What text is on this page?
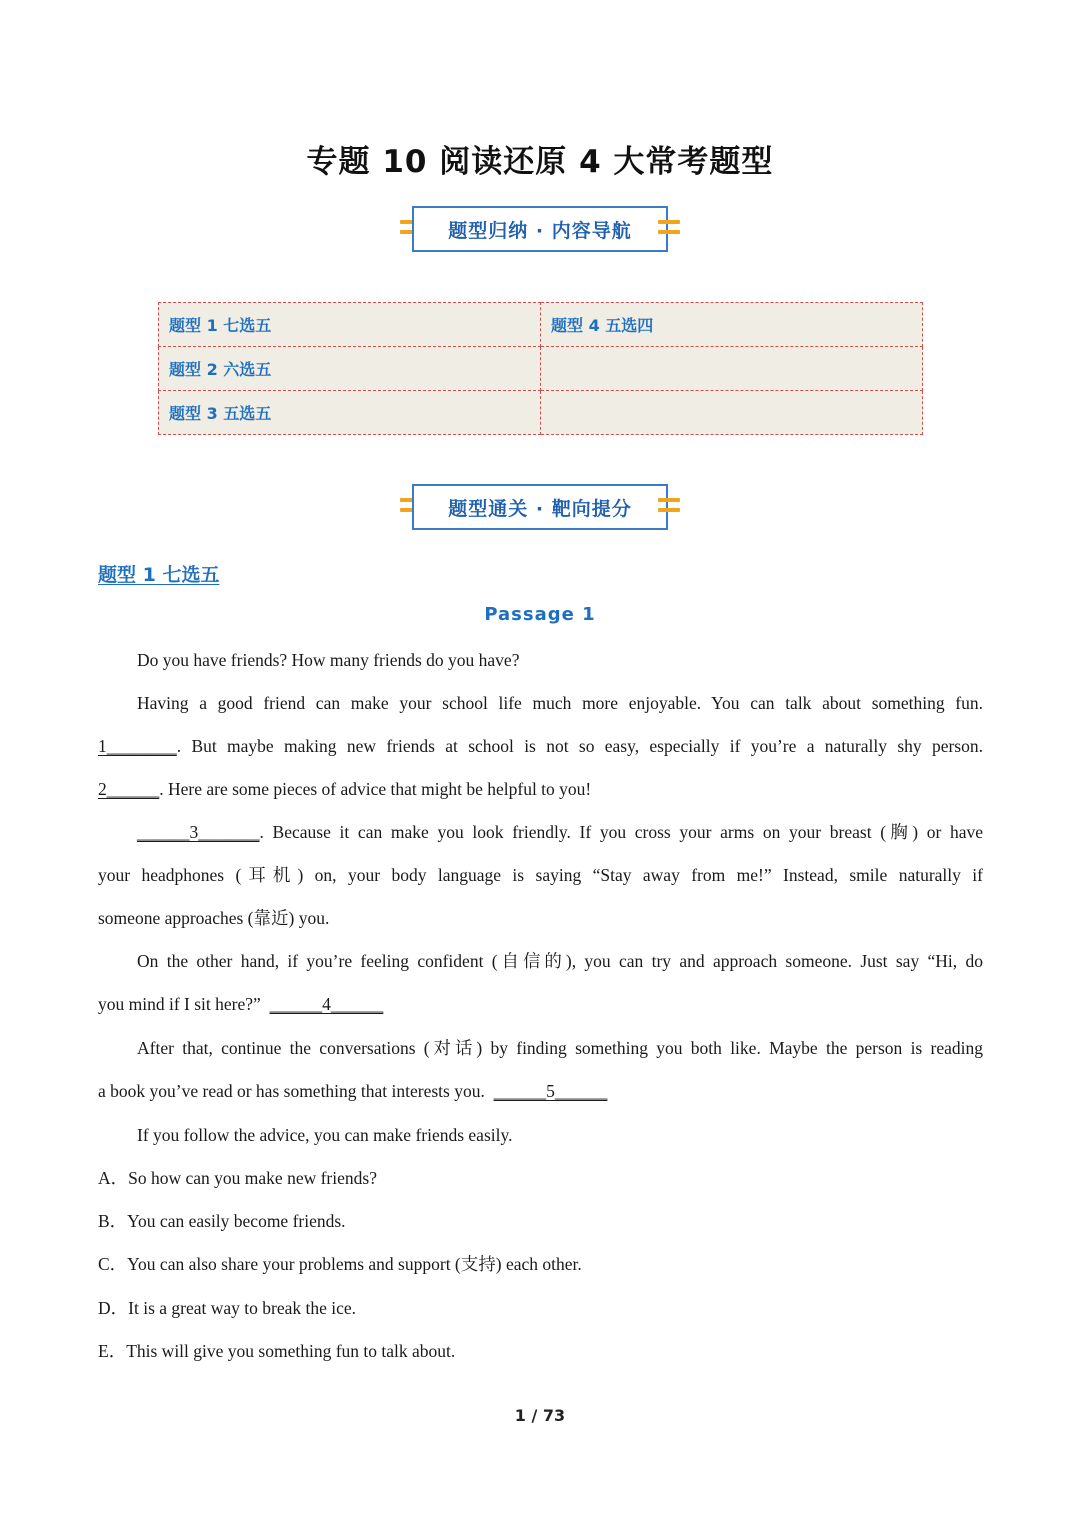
专题 10 阅读还原 4 大常考题型
题型归纳 · 内容导航
题型 1 七选五	题型 4 五选四
题型 2 六选五	
题型 3 五选五	
题型通关 · 靶向提分
题型 1 七选五
Passage 1
Do you have friends? How many friends do you have?
Having a good friend can make your school life much more enjoyable. You can talk about something fun.
1________. But maybe making new friends at school is not so easy, especially if you’re a naturally shy person.
2______. Here are some pieces of advice that might be helpful to you!
______3_______. Because it can make you look friendly. If you cross your arms on your breast (胸) or have
your headphones (耳机) on, your body language is saying “Stay away from me!” Instead, smile naturally if
someone approaches (靠近) you.
On the other hand, if you’re feeling confident (自信的), you can try and approach someone. Just say “Hi, do
you mind if I sit here?” ______4______
After that, continue the conversations (对话) by finding something you both like. Maybe the person is reading
a book you’ve read or has something that interests you. ______5______
If you follow the advice, you can make friends easily.
A．So how can you make new friends?
B．You can easily become friends.
C．You can also share your problems and support (支持) each other.
D．It is a great way to break the ice.
E．This will give you something fun to talk about.
1 / 73
